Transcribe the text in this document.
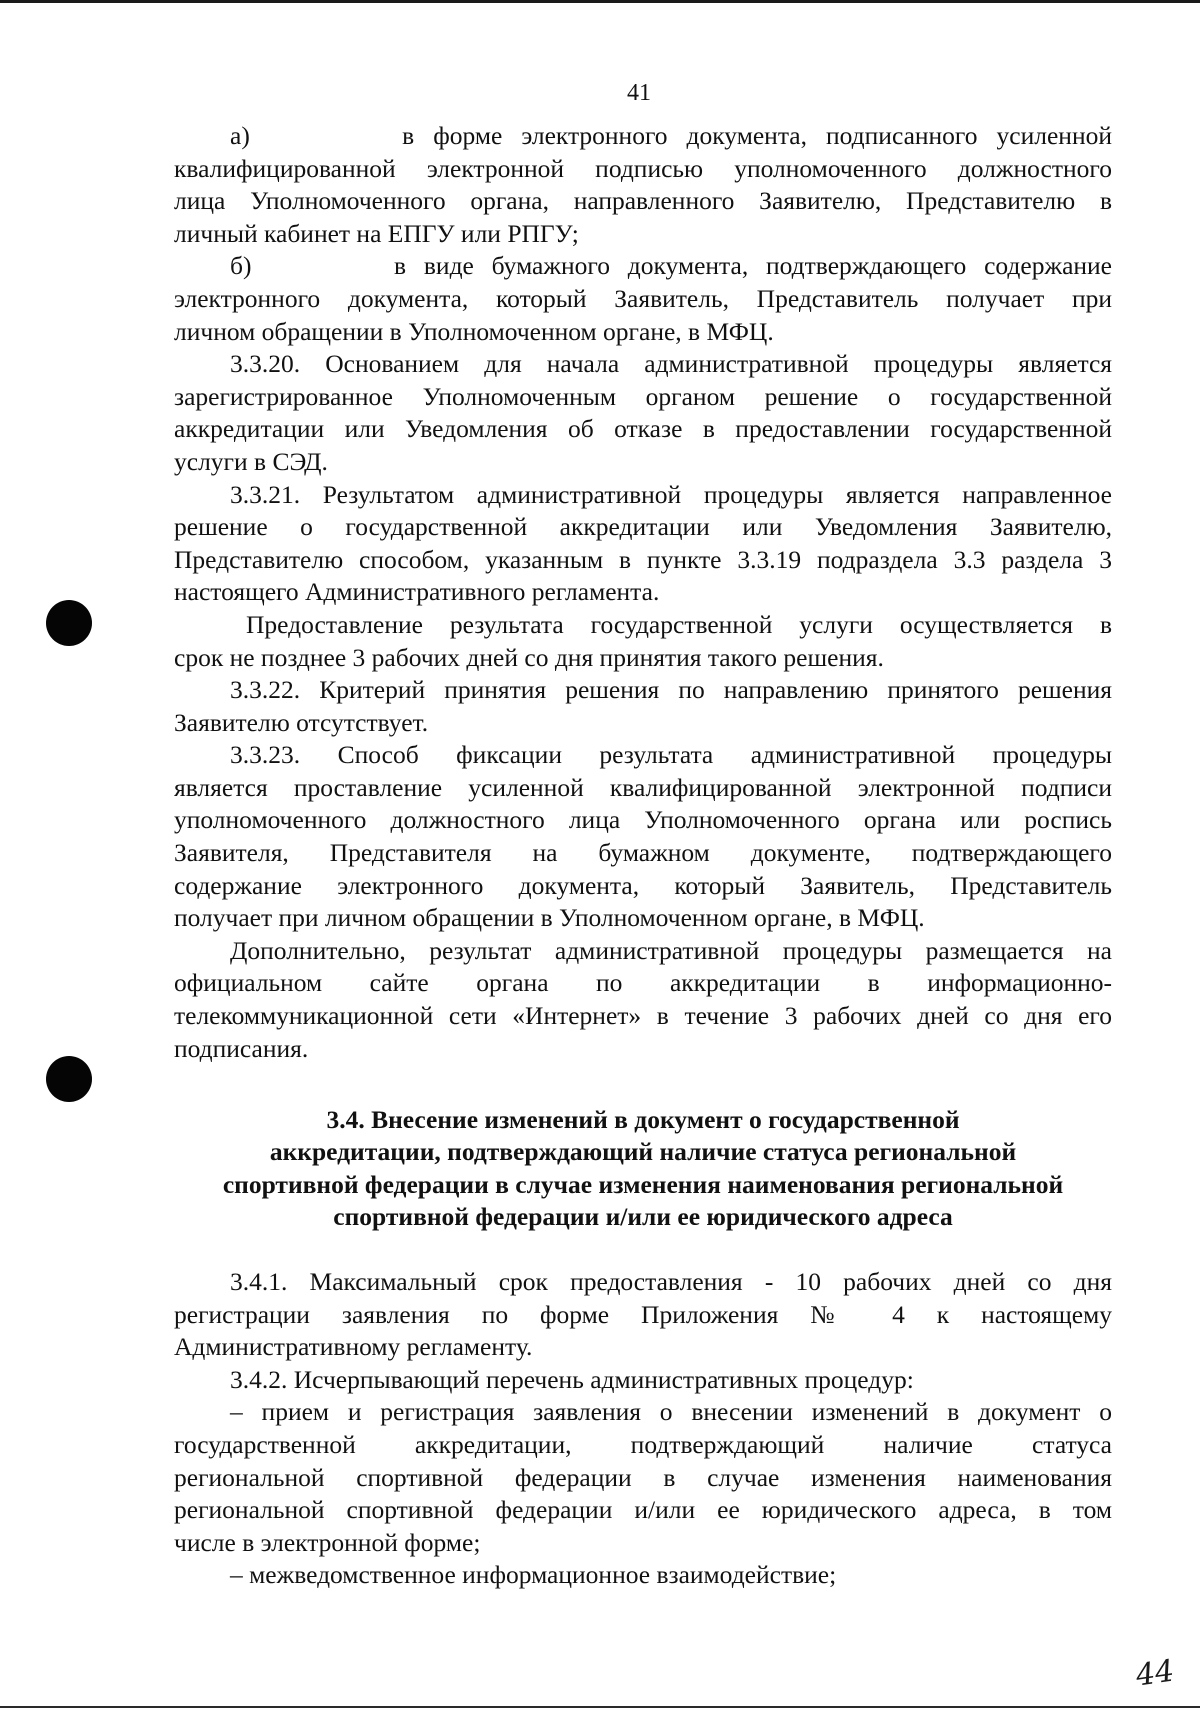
41
а)        в форме электронного документа, подписанного усиленной
квалифицированной электронной подписью уполномоченного должностного
лица Уполномоченного органа, направленного Заявителю, Представителю в
личный кабинет на ЕПГУ или РПГУ;
б)        в виде бумажного документа, подтверждающего содержание
электронного документа, который Заявитель, Представитель получает при
личном обращении в Уполномоченном органе, в МФЦ.
3.3.20. Основанием для начала административной процедуры является
зарегистрированное Уполномоченным органом решение о государственной
аккредитации или Уведомления об отказе в предоставлении государственной
услуги в СЭД.
3.3.21. Результатом административной процедуры является направленное
решение о государственной аккредитации или Уведомления Заявителю,
Представителю способом, указанным в пункте 3.3.19 подраздела 3.3 раздела 3
настоящего Административного регламента.
Предоставление результата государственной услуги осуществляется в
срок не позднее 3 рабочих дней со дня принятия такого решения.
3.3.22. Критерий принятия решения по направлению принятого решения
Заявителю отсутствует.
3.3.23. Способ фиксации результата административной процедуры
является проставление усиленной квалифицированной электронной подписи
уполномоченного должностного лица Уполномоченного органа или роспись
Заявителя, Представителя на бумажном документе, подтверждающего
содержание электронного документа, который Заявитель, Представитель
получает при личном обращении в Уполномоченном органе, в МФЦ.
Дополнительно, результат административной процедуры размещается на
официальном сайте органа по аккредитации в информационно-
телекоммуникационной сети «Интернет» в течение 3 рабочих дней со дня его
подписания.
3.4. Внесение изменений в документ о государственной
аккредитации, подтверждающий наличие статуса региональной
спортивной федерации в случае изменения наименования региональной
спортивной федерации и/или ее юридического адреса
3.4.1. Максимальный срок предоставления - 10 рабочих дней со дня
регистрации заявления по форме Приложения № 4 к настоящему
Административному регламенту.
3.4.2. Исчерпывающий перечень административных процедур:
– прием и регистрация заявления о внесении изменений в документ о
государственной аккредитации, подтверждающий наличие статуса
региональной спортивной федерации в случае изменения наименования
региональной спортивной федерации и/или ее юридического адреса, в том
числе в электронной форме;
– межведомственное информационное взаимодействие;
44
